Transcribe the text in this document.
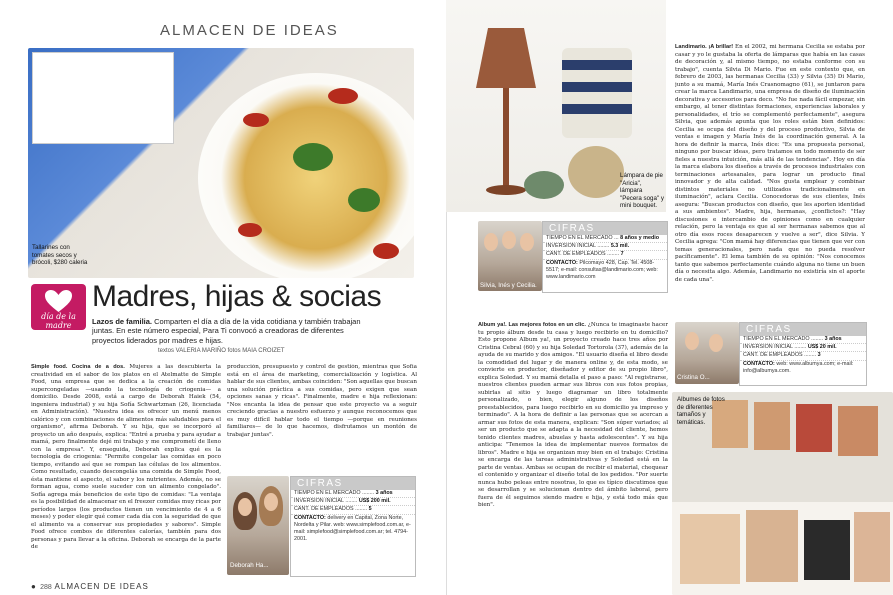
ALMACEN DE IDEAS
Tallarines con tomates secos y brócoli, $280 caleria
día de la madre
Madres, hijas & socias
Lazos de familia. Comparten el día a día de la vida cotidiana y también trabajan juntas. En este número especial, Para Ti convocó a creadoras de diferentes proyectos liderados por madres e hijas.
textos VALERIA MARIÑO fotos MAIA CROIZET
Simple food. Cocina de a dos. Mujeres a las descubierta la creatividad en el sabor de los platos en el Atelmatte de Simple Food, una empresa que se dedica a la creación de comidas supercongeladas —usando la tecnología de criogenia— a domicilio. Desde 2008, está a cargo de Deborah Haiek (54, ingeniera industrial) y su hija Sofía Schwartzman (26, licenciada en Administración). "Nuestra idea es ofrecer un menú menos calórico y con combinaciones de alimentos más saludables para el organismo", afirma Deborah. Y su hija, que se incorporó al proyecto un año después, explica: "Entré a prueba y para ayudar a mamá, pero finalmente dejé mi trabajo y me comprometí de lleno con la empresa". Y, enseguida, Deborah explica qué es la tecnología de criogenia: "Permite congelar las comidas en poco tiempo, evitando así que se rompan las células de los alimentos. Como resultado, cuando descongelás una comida de Simple Food, ésta mantiene el aspecto, el sabor y los nutrientes. Además, no se forman agua, como suele suceder con un alimento congelado". Sofía agrega más beneficios de este tipo de comidas: "La ventaja es la posibilidad de almacenar en el freezer comidas muy ricas por períodos largos (los productos tienen un vencimiento de 4 a 6 meses) y poder elegir qué comer cada día con la seguridad de que el alimento va a conservar sus propiedades y sabores". Simple Food ofrece combos de diferentes calorías, también para dos personas y para llevar a la oficina. Deborah se encarga de la parte de
producción, presupuesto y control de gestión, mientras que Sofía está en el área de marketing, comercialización y logística. Al hablar de sus clientes, ambas coinciden: "Son aquellas que buscan una solución práctica a sus comidas, pero exigen que sean opciones sanas y ricas". Finalmente, madre e hija reflexionan: "Nos encanta la idea de pensar que este proyecto va a seguir creciendo gracias a nuestro esfuerzo y aunque reconocemos que es muy difícil hablar todo el tiempo —porque en reuniones familiares— de lo que hacemos, disfrutamos un montón de trabajar juntas".
Deborah Ha...
CIFRAS
TIEMPO EN EL MERCADO ........ 3 años
INVERSION INICIAL ........ US$ 200 mil.
CANT. DE EMPLEADOS ........ 5
CONTACTO: delivery en Capital, Zona Norte, Nordelta y Pilar. web: www.simplefood.com.ar, e-mail: simplefood@simplefood.com.ar; tel. 4794-2001.
Lámpara de pie "Aricia", lámpara "Pecera soga" y mini bouquet.
Silvia, Inés y Cecilia.
CIFRAS
TIEMPO EN EL MERCADO ... 8 años y medio
INVERSION INICIAL ........ 5.3 mil.
CANT. DE EMPLEADOS ........ 7
CONTACTO: Pilcomayo 428, Cap. Tel. 4508-5517; e-mail: consultas@landimario.com; web: www.landimario.com
Landimario. ¡A brillar! En el 2002, mi hermana Cecilia se estaba por casar y yo le gustaba la oferta de lámparas que había en las casas de decoración y, al mismo tiempo, no estaba conforme con su trabajo", cuenta Silvia Di Mario. Fue en este contexto que, en febrero de 2003, las hermanas Cecilia (33) y Silvia (35) Di Mario, junto a su mamá, María Inés Crasnomagno (61), se juntaron para crear la marca Landimario, una empresa de diseño de iluminación decorativa y accesorios para deco. "No fue nada fácil empezar, sin embargo, al tener distintas formaciones, experiencias laborales y personalidades, el trío se complementó perfectamente", asegura Silvia, que además apunta que los roles están bien definidos: Cecilia se ocupa del diseño y del proceso productivo, Silvia de ventas e imagen y María Inés de la coordinación general. A la hora de definir la marca, Inés dice: "Es una propuesta personal, ninguno por buscar ideas, pero tratamos en todo momento de ser fieles a nuestra intuición, más allá de las tendencias". Hoy en día la marca elabora los diseños a través de procesos industriales con terminaciones artesanales, para lograr un producto final innovador y de alta calidad. "Nos gusta emplear y combinar distintos materiales no utilizados tradicionalmente en iluminación", aclara Cecilia. Conocedoras de sus clientes, Inés asegura: "Buscan productos con diseño, que les aporten identidad a sus ambientes". Madre, hija, hermanas, ¿conflictos?: "Hay discusiones e intercambio de opiniones como en cualquier relación, pero la ventaja es que al ser hermanas sabemos que al otro día esos roces desaparecen y vuelve a ser", dice Silvia. Y Cecilia agrega: "Con mamá hay diferencias que tienen que ver con temas generacionales, pero nada que no pueda resolver pacíficamente". El lema también de su opinión: "Nos conocemos tanto que sabemos perfectamente cuándo alguna no tiene un buen día o necesita algo. Además, Landimario no existiría sin el aporte de cada una".
Album ya!. Las mejores fotos en un clic. ¿Nunca te imaginaste hacer tu propio álbum desde tu casa y luego recibirlo en tu domicilio? Esto propone Album ya!, un proyecto creado hace tres años por Cristina Cebral (60) y su hija Soledad Tortorola (37), además de la ayuda de su marido y dos amigos. "El usuario diseña el libro desde la comodidad del lugar y de manera online y, de esta modo, se convierte en productor, diseñador y editor de su propio libro", explica Soledad. Y su mamá detalla el paso a paso: "Al registrarse, nuestros clientes pueden armar sus libros con sus fotos propias, subirlas al sitio y luego diagramar un libro totalmente personalizado, o bien, elegir alguno de los diseños preestablecidos, para luego recibirlo en su domicilio ya impreso y terminado". A la hora de definir a las personas que se acercan a armar sus fotos de esta manera, explican: "Son súper variados; al ser un producto que se adapta a la necesidad del cliente, hemos tenido clientes madres, abuelas y hasta adolescentes". Y su hija anticipa: "Tenemos la idea de implementar nuevos formatos de libros". Madre e hija se organizan muy bien en el trabajo: Cristina se encarga de las tareas administrativas y Soledad está en la parte de ventas. Ambas se ocupan de recibir el material, chequear el contenido y organizar el diseño total de los pedidos. "Por suerte nunca hubo peleas entre nosotras, lo que es típico discutimos que se desarrollan y se solucionan dentro del ámbito laboral, pero fuera de él seguimos siendo madre e hija, y está todo más que bien".
Cristina O...
CIFRAS
TIEMPO EN EL MERCADO ........ 3 años
INVERSION INICIAL ........ US$ 20 mil.
CANT. DE EMPLEADOS ........ 3
CONTACTO: web: www.albumya.com; e-mail: info@albumya.com.
Albumes de fotos de diferentes tamaños y temáticas.
● 288 ALMACEN DE IDEAS
